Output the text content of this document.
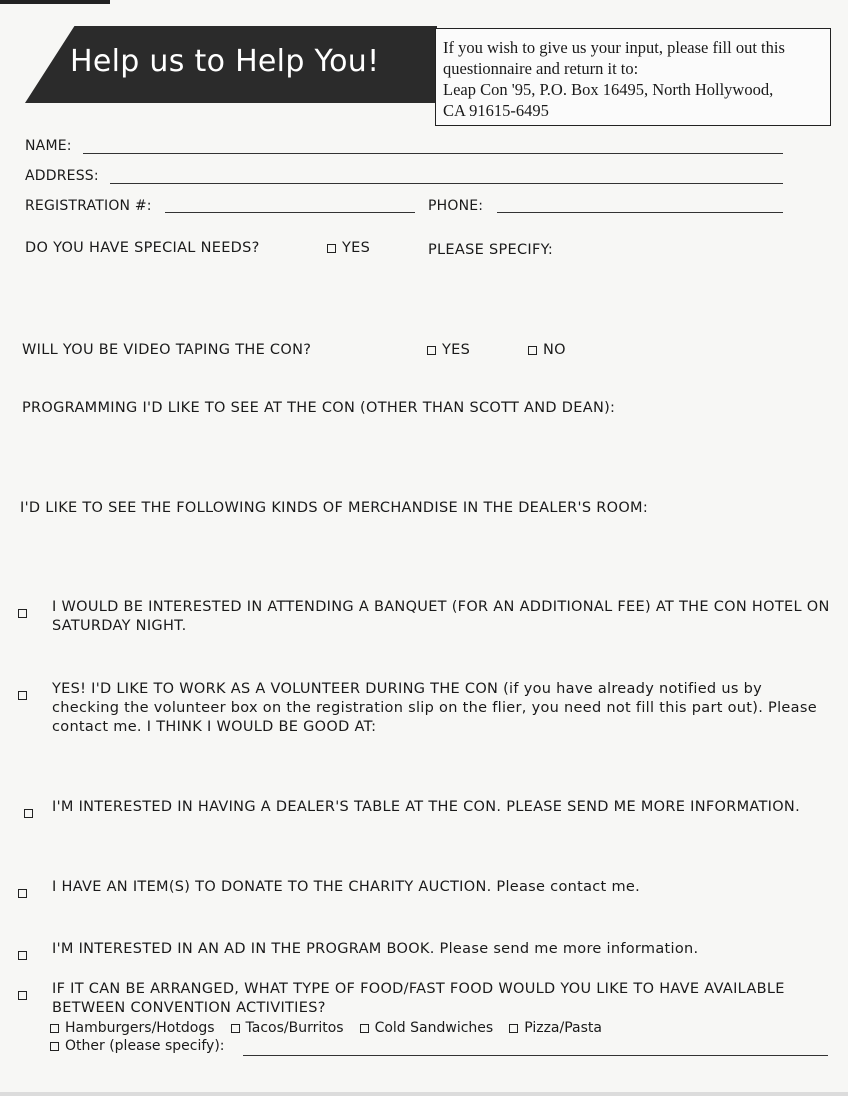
Help us to Help You!	If you wish to give us your input, please fill out this
questionnaire and return it to:
Leap Con '95, P.O. Box 16495, North Hollywood,
CA 91615-6495
NAME:
ADDRESS:
REGISTRATION #:	PHONE:
DO YOU HAVE SPECIAL NEEDS?	YES	PLEASE SPECIFY:
WILL YOU BE VIDEO TAPING THE CON?	YES	NO
PROGRAMMING I'D LIKE TO SEE AT THE CON (OTHER THAN SCOTT AND DEAN):
I'D LIKE TO SEE THE FOLLOWING KINDS OF MERCHANDISE IN THE DEALER'S ROOM:
I WOULD BE INTERESTED IN ATTENDING A BANQUET (FOR AN ADDITIONAL FEE) AT THE CON HOTEL ON SATURDAY NIGHT.
YES! I'D LIKE TO WORK AS A VOLUNTEER DURING THE CON (if you have already notified us by checking the volunteer box on the registration slip on the flier, you need not fill this part out). Please contact me. I THINK I WOULD BE GOOD AT:
I'M INTERESTED IN HAVING A DEALER'S TABLE AT THE CON. PLEASE SEND ME MORE INFORMATION.
I HAVE AN ITEM(S) TO DONATE TO THE CHARITY AUCTION. Please contact me.
I'M INTERESTED IN AN AD IN THE PROGRAM BOOK. Please send me more information.
IF IT CAN BE ARRANGED, WHAT TYPE OF FOOD/FAST FOOD WOULD YOU LIKE TO HAVE AVAILABLE BETWEEN CONVENTION ACTIVITIES?
Hamburgers/Hotdogs Tacos/Burritos Cold Sandwiches Pizza/Pasta
Other (please specify):
